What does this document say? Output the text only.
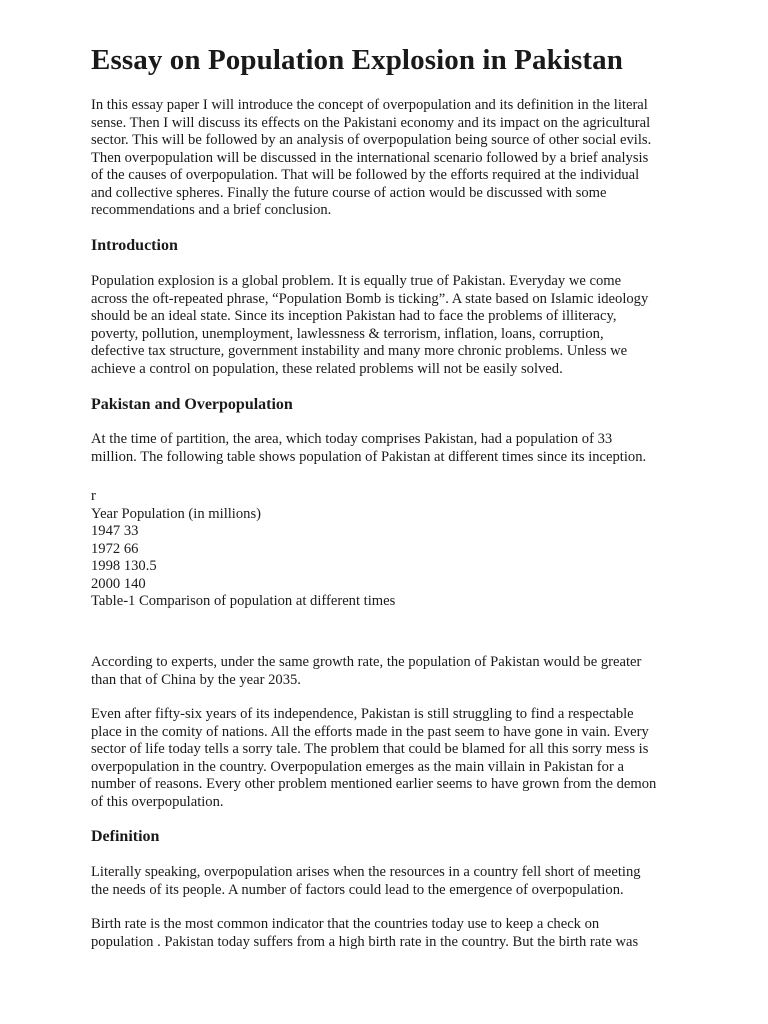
Essay on Population Explosion in Pakistan

In this essay paper I will introduce the concept of overpopulation and its definition in the literal
sense. Then I will discuss its effects on the Pakistani economy and its impact on the agricultural
sector. This will be followed by an analysis of overpopulation being source of other social evils.
Then overpopulation will be discussed in the international scenario followed by a brief analysis
of the causes of overpopulation. That will be followed by the efforts required at the individual
and collective spheres. Finally the future course of action would be discussed with some
recommendations and a brief conclusion.

Introduction

Population explosion is a global problem. It is equally true of Pakistan. Everyday we come
across the oft-repeated phrase, “Population Bomb is ticking”. A state based on Islamic ideology
should be an ideal state. Since its inception Pakistan had to face the problems of illiteracy,
poverty, pollution, unemployment, lawlessness & terrorism, inflation, loans, corruption,
defective tax structure, government instability and many more chronic problems. Unless we
achieve a control on population, these related problems will not be easily solved.

Pakistan and Overpopulation

At the time of partition, the area, which today comprises Pakistan, had a population of 33
million. The following table shows population of Pakistan at different times since its inception.

r
Year Population (in millions)
1947 33
1972 66
1998 130.5
2000 140
Table-1 Comparison of population at different times

According to experts, under the same growth rate, the population of Pakistan would be greater
than that of China by the year 2035.

Even after fifty-six years of its independence, Pakistan is still struggling to find a respectable
place in the comity of nations. All the efforts made in the past seem to have gone in vain. Every
sector of life today tells a sorry tale. The problem that could be blamed for all this sorry mess is
overpopulation in the country. Overpopulation emerges as the main villain in Pakistan for a
number of reasons. Every other problem mentioned earlier seems to have grown from the demon
of this overpopulation.

Definition

Literally speaking, overpopulation arises when the resources in a country fell short of meeting
the needs of its people. A number of factors could lead to the emergence of overpopulation.

Birth rate is the most common indicator that the countries today use to keep a check on
population . Pakistan today suffers from a high birth rate in the country. But the birth rate was
